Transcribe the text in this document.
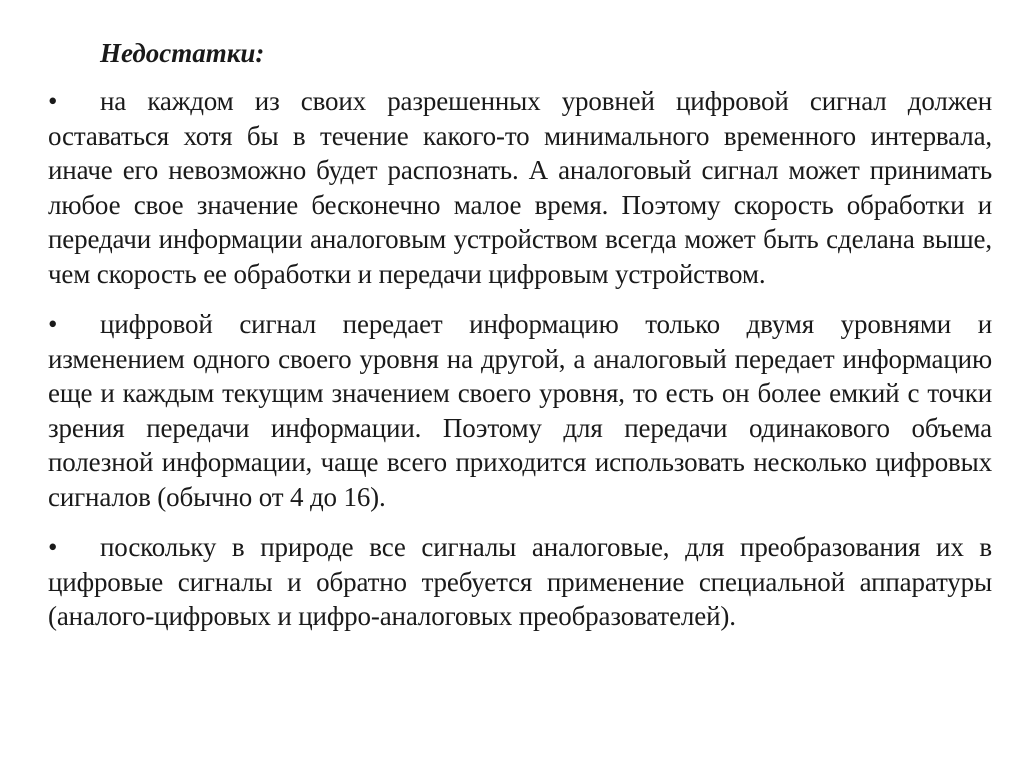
Недостатки:
• на каждом из своих разрешенных уровней цифровой сигнал должен оставаться хотя бы в течение какого-то минимального временного интервала, иначе его невозможно будет распознать. А аналоговый сигнал может принимать любое свое значение бесконечно малое время. Поэтому скорость обработки и передачи информации аналоговым устройством всегда может быть сделана выше, чем скорость ее обработки и передачи цифровым устройством.
• цифровой сигнал передает информацию только двумя уровнями и изменением одного своего уровня на другой, а аналоговый передает информацию еще и каждым текущим значением своего уровня, то есть он более емкий с точки зрения передачи информации. Поэтому для передачи одинакового объема полезной информации, чаще всего приходится использовать несколько цифровых сигналов (обычно от 4 до 16).
• поскольку в природе все сигналы аналоговые, для преобразования их в цифровые сигналы и обратно требуется применение специальной аппаратуры (аналого-цифровых и цифро-аналоговых преобразователей).
